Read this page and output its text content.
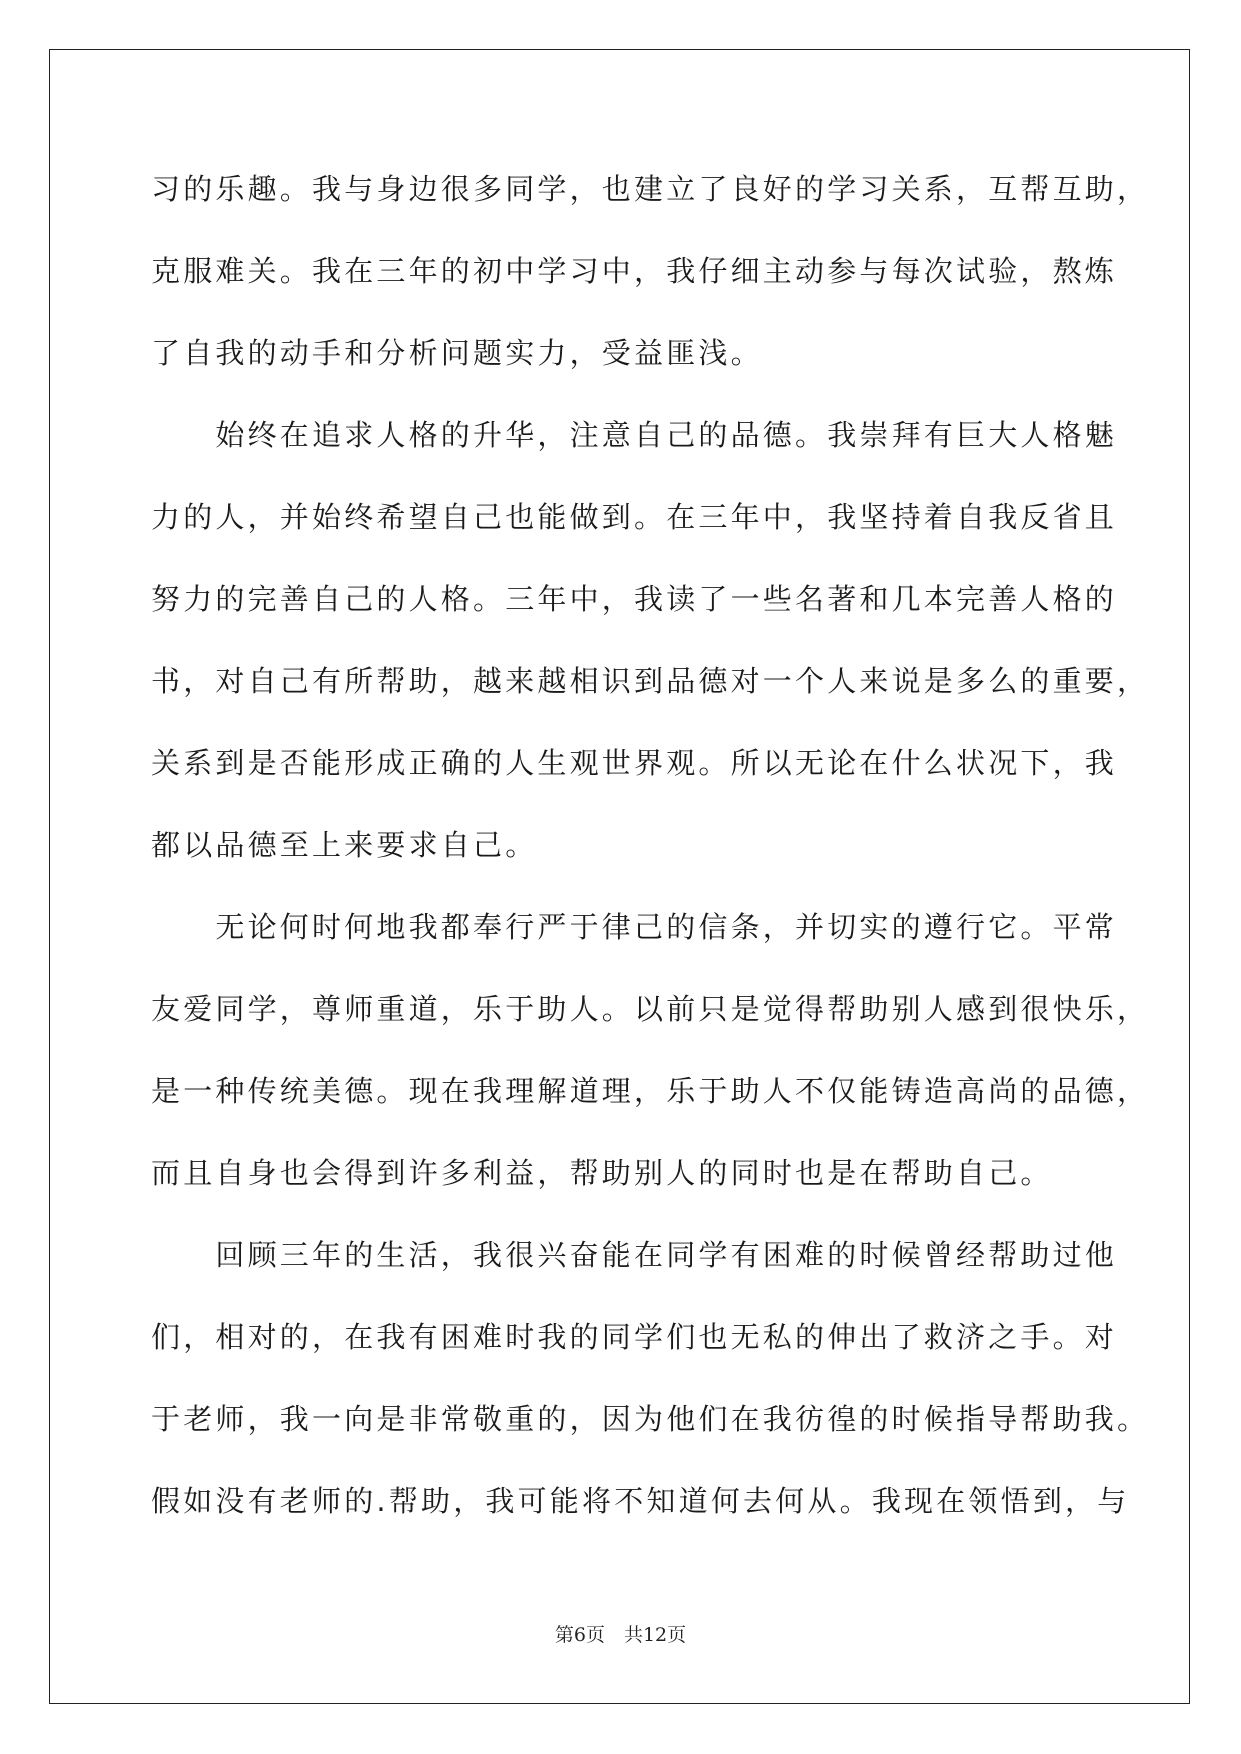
习的乐趣。我与身边很多同学，也建立了良好的学习关系，互帮互助，
克服难关。我在三年的初中学习中，我仔细主动参与每次试验，熬炼
了自我的动手和分析问题实力，受益匪浅。
　　始终在追求人格的升华，注意自己的品德。我崇拜有巨大人格魅
力的人，并始终希望自己也能做到。在三年中，我坚持着自我反省且
努力的完善自己的人格。三年中，我读了一些名著和几本完善人格的
书，对自己有所帮助，越来越相识到品德对一个人来说是多么的重要，
关系到是否能形成正确的人生观世界观。所以无论在什么状况下，我
都以品德至上来要求自己。
　　无论何时何地我都奉行严于律己的信条，并切实的遵行它。平常
友爱同学，尊师重道，乐于助人。以前只是觉得帮助别人感到很快乐，
是一种传统美德。现在我理解道理，乐于助人不仅能铸造高尚的品德，
而且自身也会得到许多利益，帮助别人的同时也是在帮助自己。
　　回顾三年的生活，我很兴奋能在同学有困难的时候曾经帮助过他
们，相对的，在我有困难时我的同学们也无私的伸出了救济之手。对
于老师，我一向是非常敬重的，因为他们在我彷徨的时候指导帮助我。
假如没有老师的.帮助，我可能将不知道何去何从。我现在领悟到，与
第6页　共12页
